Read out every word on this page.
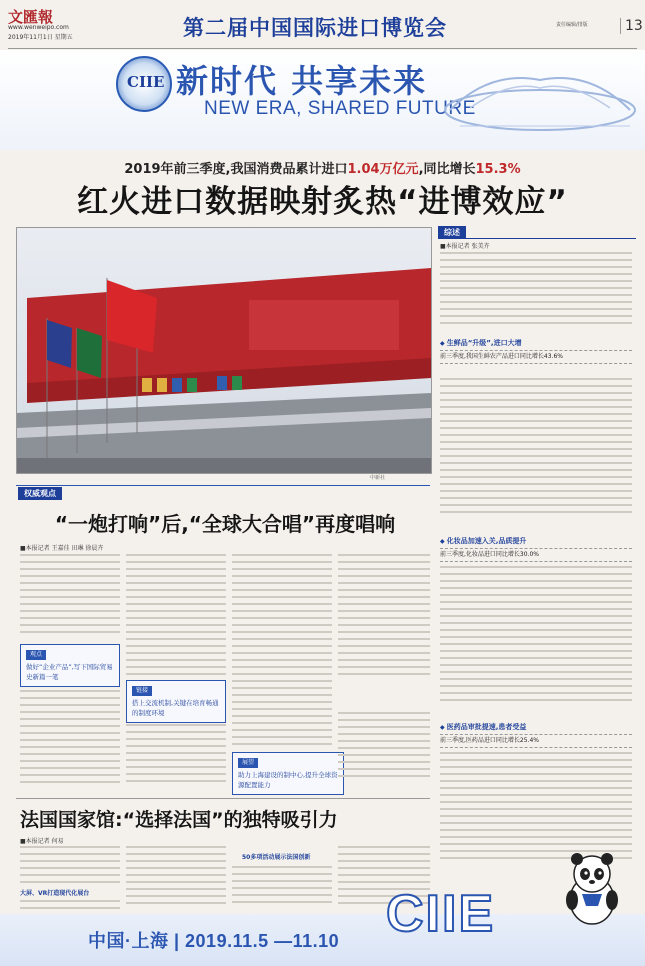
文匯報
www.wenweipo.com
2019年11月1日 星期五	第二届中国国际进口博览会	责任编辑/排版	13
CIIE 新时代 共享未来
NEW ERA, SHARED FUTURE
2019年前三季度,我国消费品累计进口1.04万亿元,同比增长15.3%
红火进口数据映射炙热“进博效应”
中新社
综述
■本报记者 张美卉
◆ 生鲜品“升级”,进口大增
前三季度,我国生鲜农产品进口同比增长43.6%
◆ 化妆品加速入关,品质提升
前三季度,化妆品进口同比增长30.0%
◆ 医药品审批提速,患者受益
前三季度,医药品进口同比增长25.4%
权威观点
“一炮打响”后,“全球大合唱”再度唱响
■本报记者 王嘉佳 田琳 徐晨卉
观点
做好“企业产品”,写下国际贸易史新篇一笔
链接
搭上交流机制,关键在培育畅通的制度环境
展望
助力上海建设的制中心,提升全球资源配置能力
法国国家馆:“选择法国”的独特吸引力
■本报记者 何易
大屏、VR打造现代化展台
50多项活动展示法国创新
中国·上海 | 2019.11.5 —11.10 CIIE
